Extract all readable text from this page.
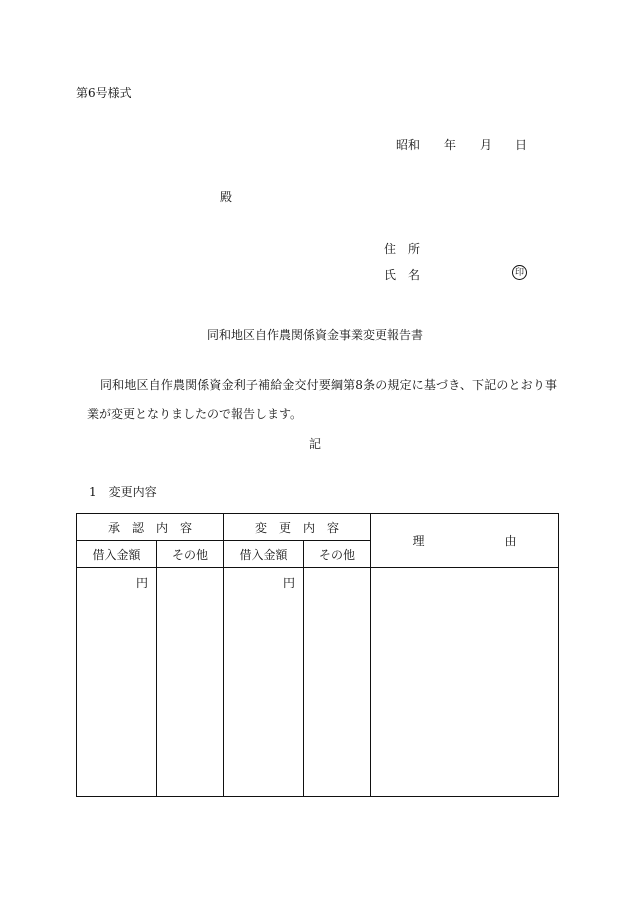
第6号様式
昭和 年 月 日
殿
住　所
氏　名	印
同和地区自作農関係資金事業変更報告書

同和地区自作農関係資金利子補給金交付要綱第8条の規定に基づき、下記のとおり事業が変更となりましたので報告します。

記
1　変更内容
承　認　内　容		変　更　内　容		理 由
借入金額	その他	借入金額	その他	
円		円		
